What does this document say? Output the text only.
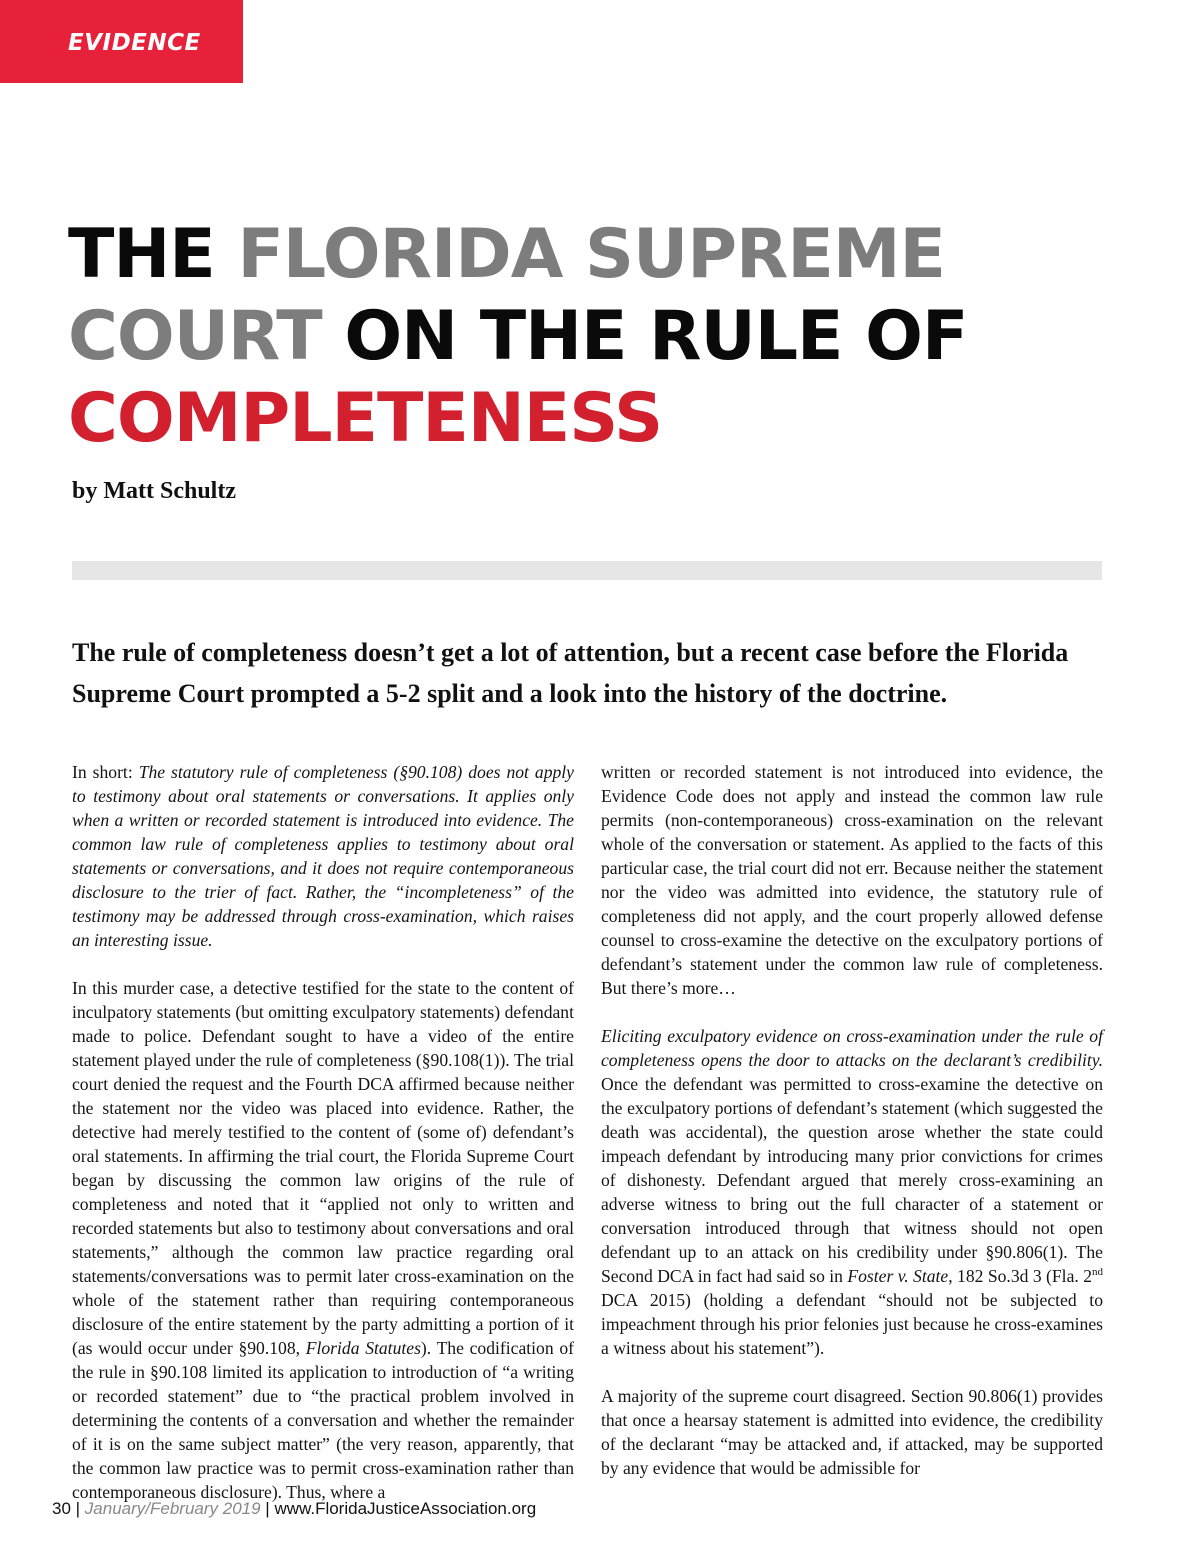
EVIDENCE
THE FLORIDA SUPREME
COURT ON THE RULE OF
COMPLETENESS
by Matt Schultz

The rule of completeness doesn’t get a lot of attention, but a recent case before the Florida Supreme Court prompted a 5-2 split and a look into the history of the doctrine.

In short: The statutory rule of completeness (§90.108) does not apply to testimony about oral statements or conversations. It applies only when a written or recorded statement is introduced into evidence. The common law rule of completeness applies to testimony about oral statements or conversations, and it does not require contemporaneous disclosure to the trier of fact. Rather, the “incompleteness” of the testimony may be addressed through cross-examination, which raises an interesting issue.

In this murder case, a detective testified for the state to the content of inculpatory statements (but omitting exculpatory statements) defendant made to police. Defendant sought to have a video of the entire statement played under the rule of completeness (§90.108(1)). The trial court denied the request and the Fourth DCA affirmed because neither the statement nor the video was placed into evidence. Rather, the detective had merely testified to the content of (some of) defendant’s oral statements. In affirming the trial court, the Florida Supreme Court began by discussing the common law origins of the rule of completeness and noted that it “applied not only to written and recorded statements but also to testimony about conversations and oral statements,” although the common law practice regarding oral statements/conversations was to permit later cross-examination on the whole of the statement rather than requiring contemporaneous disclosure of the entire statement by the party admitting a portion of it (as would occur under §90.108, Florida Statutes). The codification of the rule in §90.108 limited its application to introduction of “a writing or recorded statement” due to “the practical problem involved in determining the contents of a conversation and whether the remainder of it is on the same subject matter” (the very reason, apparently, that the common law practice was to permit cross-examination rather than contemporaneous disclosure). Thus, where a

written or recorded statement is not introduced into evidence, the Evidence Code does not apply and instead the common law rule permits (non-contemporaneous) cross-examination on the relevant whole of the conversation or statement. As applied to the facts of this particular case, the trial court did not err. Because neither the statement nor the video was admitted into evidence, the statutory rule of completeness did not apply, and the court properly allowed defense counsel to cross-examine the detective on the exculpatory portions of defendant’s statement under the common law rule of completeness. But there’s more…

Eliciting exculpatory evidence on cross-examination under the rule of completeness opens the door to attacks on the declarant’s credibility. Once the defendant was permitted to cross-examine the detective on the exculpatory portions of defendant’s statement (which suggested the death was accidental), the question arose whether the state could impeach defendant by introducing many prior convictions for crimes of dishonesty. Defendant argued that merely cross-examining an adverse witness to bring out the full character of a statement or conversation introduced through that witness should not open defendant up to an attack on his credibility under §90.806(1). The Second DCA in fact had said so in Foster v. State, 182 So.3d 3 (Fla. 2nd DCA 2015) (holding a defendant “should not be subjected to impeachment through his prior felonies just because he cross-examines a witness about his statement”).

A majority of the supreme court disagreed. Section 90.806(1) provides that once a hearsay statement is admitted into evidence, the credibility of the declarant “may be attacked and, if attacked, may be supported by any evidence that would be admissible for

30 | January/February 2019 | www.FloridaJusticeAssociation.org
